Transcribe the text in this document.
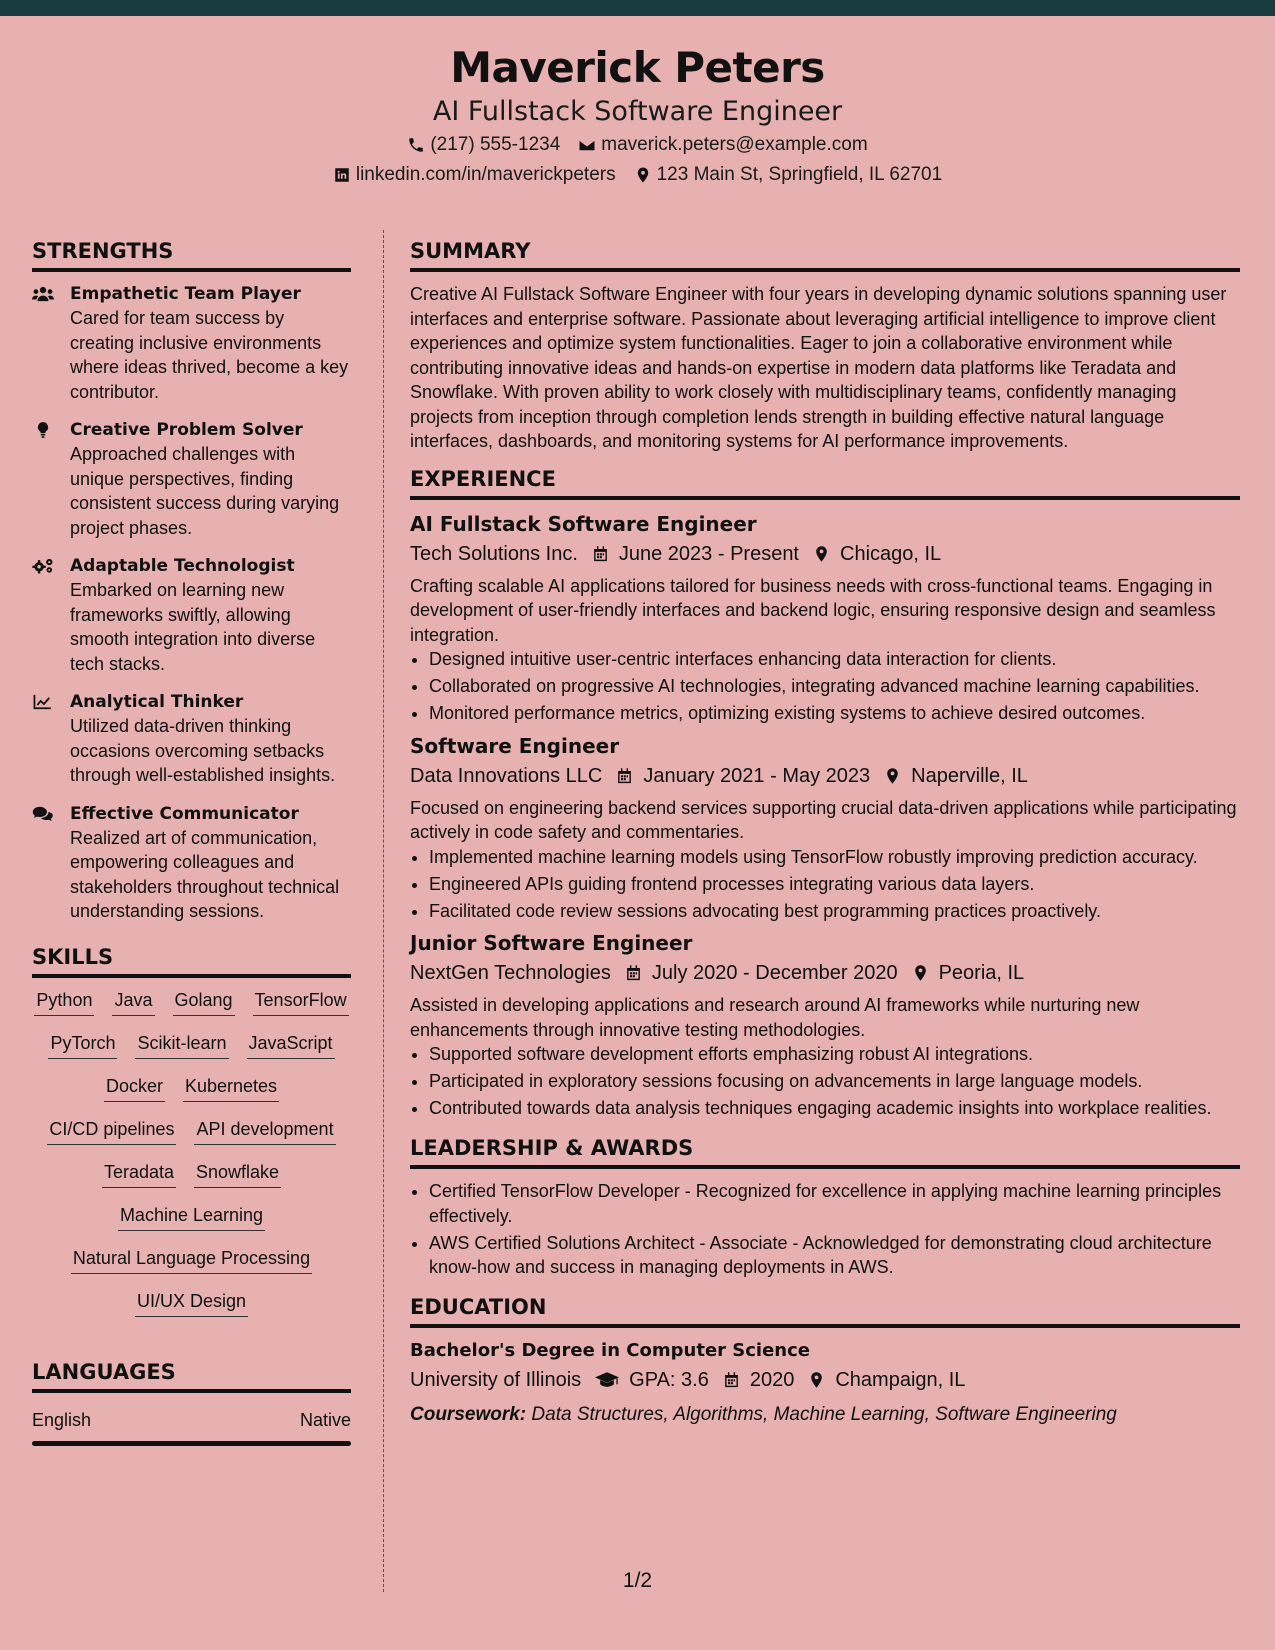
Maverick Peters
AI Fullstack Software Engineer
(217) 555-1234 maverick.peters@example.com
linkedin.com/in/maverickpeters 123 Main St, Springfield, IL 62701
STRENGTHS
Empathetic Team Player
Cared for team success by creating inclusive environments where ideas thrived, become a key contributor.
Creative Problem Solver
Approached challenges with unique perspectives, finding consistent success during varying project phases.
Adaptable Technologist
Embarked on learning new frameworks swiftly, allowing smooth integration into diverse tech stacks.
Analytical Thinker
Utilized data-driven thinking occasions overcoming setbacks through well-established insights.
Effective Communicator
Realized art of communication, empowering colleagues and stakeholders throughout technical understanding sessions.
SKILLS
Python Java Golang TensorFlow
PyTorch Scikit-learn JavaScript
Docker Kubernetes
CI/CD pipelines API development
Teradata Snowflake
Machine Learning
Natural Language Processing
UI/UX Design
LANGUAGES
English	Native
SUMMARY
Creative AI Fullstack Software Engineer with four years in developing dynamic solutions spanning user interfaces and enterprise software. Passionate about leveraging artificial intelligence to improve client experiences and optimize system functionalities. Eager to join a collaborative environment while contributing innovative ideas and hands-on expertise in modern data platforms like Teradata and Snowflake. With proven ability to work closely with multidisciplinary teams, confidently managing projects from inception through completion lends strength in building effective natural language interfaces, dashboards, and monitoring systems for AI performance improvements.
EXPERIENCE
AI Fullstack Software Engineer
Tech Solutions Inc. June 2023 - Present Chicago, IL
Crafting scalable AI applications tailored for business needs with cross-functional teams. Engaging in development of user-friendly interfaces and backend logic, ensuring responsive design and seamless integration.
• Designed intuitive user-centric interfaces enhancing data interaction for clients.
• Collaborated on progressive AI technologies, integrating advanced machine learning capabilities.
• Monitored performance metrics, optimizing existing systems to achieve desired outcomes.
Software Engineer
Data Innovations LLC January 2021 - May 2023 Naperville, IL
Focused on engineering backend services supporting crucial data-driven applications while participating actively in code safety and commentaries.
• Implemented machine learning models using TensorFlow robustly improving prediction accuracy.
• Engineered APIs guiding frontend processes integrating various data layers.
• Facilitated code review sessions advocating best programming practices proactively.
Junior Software Engineer
NextGen Technologies July 2020 - December 2020 Peoria, IL
Assisted in developing applications and research around AI frameworks while nurturing new enhancements through innovative testing methodologies.
• Supported software development efforts emphasizing robust AI integrations.
• Participated in exploratory sessions focusing on advancements in large language models.
• Contributed towards data analysis techniques engaging academic insights into workplace realities.
LEADERSHIP & AWARDS
• Certified TensorFlow Developer - Recognized for excellence in applying machine learning principles effectively.
• AWS Certified Solutions Architect - Associate - Acknowledged for demonstrating cloud architecture know-how and success in managing deployments in AWS.
EDUCATION
Bachelor's Degree in Computer Science
University of Illinois GPA: 3.6 2020 Champaign, IL
Coursework: Data Structures, Algorithms, Machine Learning, Software Engineering
1/2
